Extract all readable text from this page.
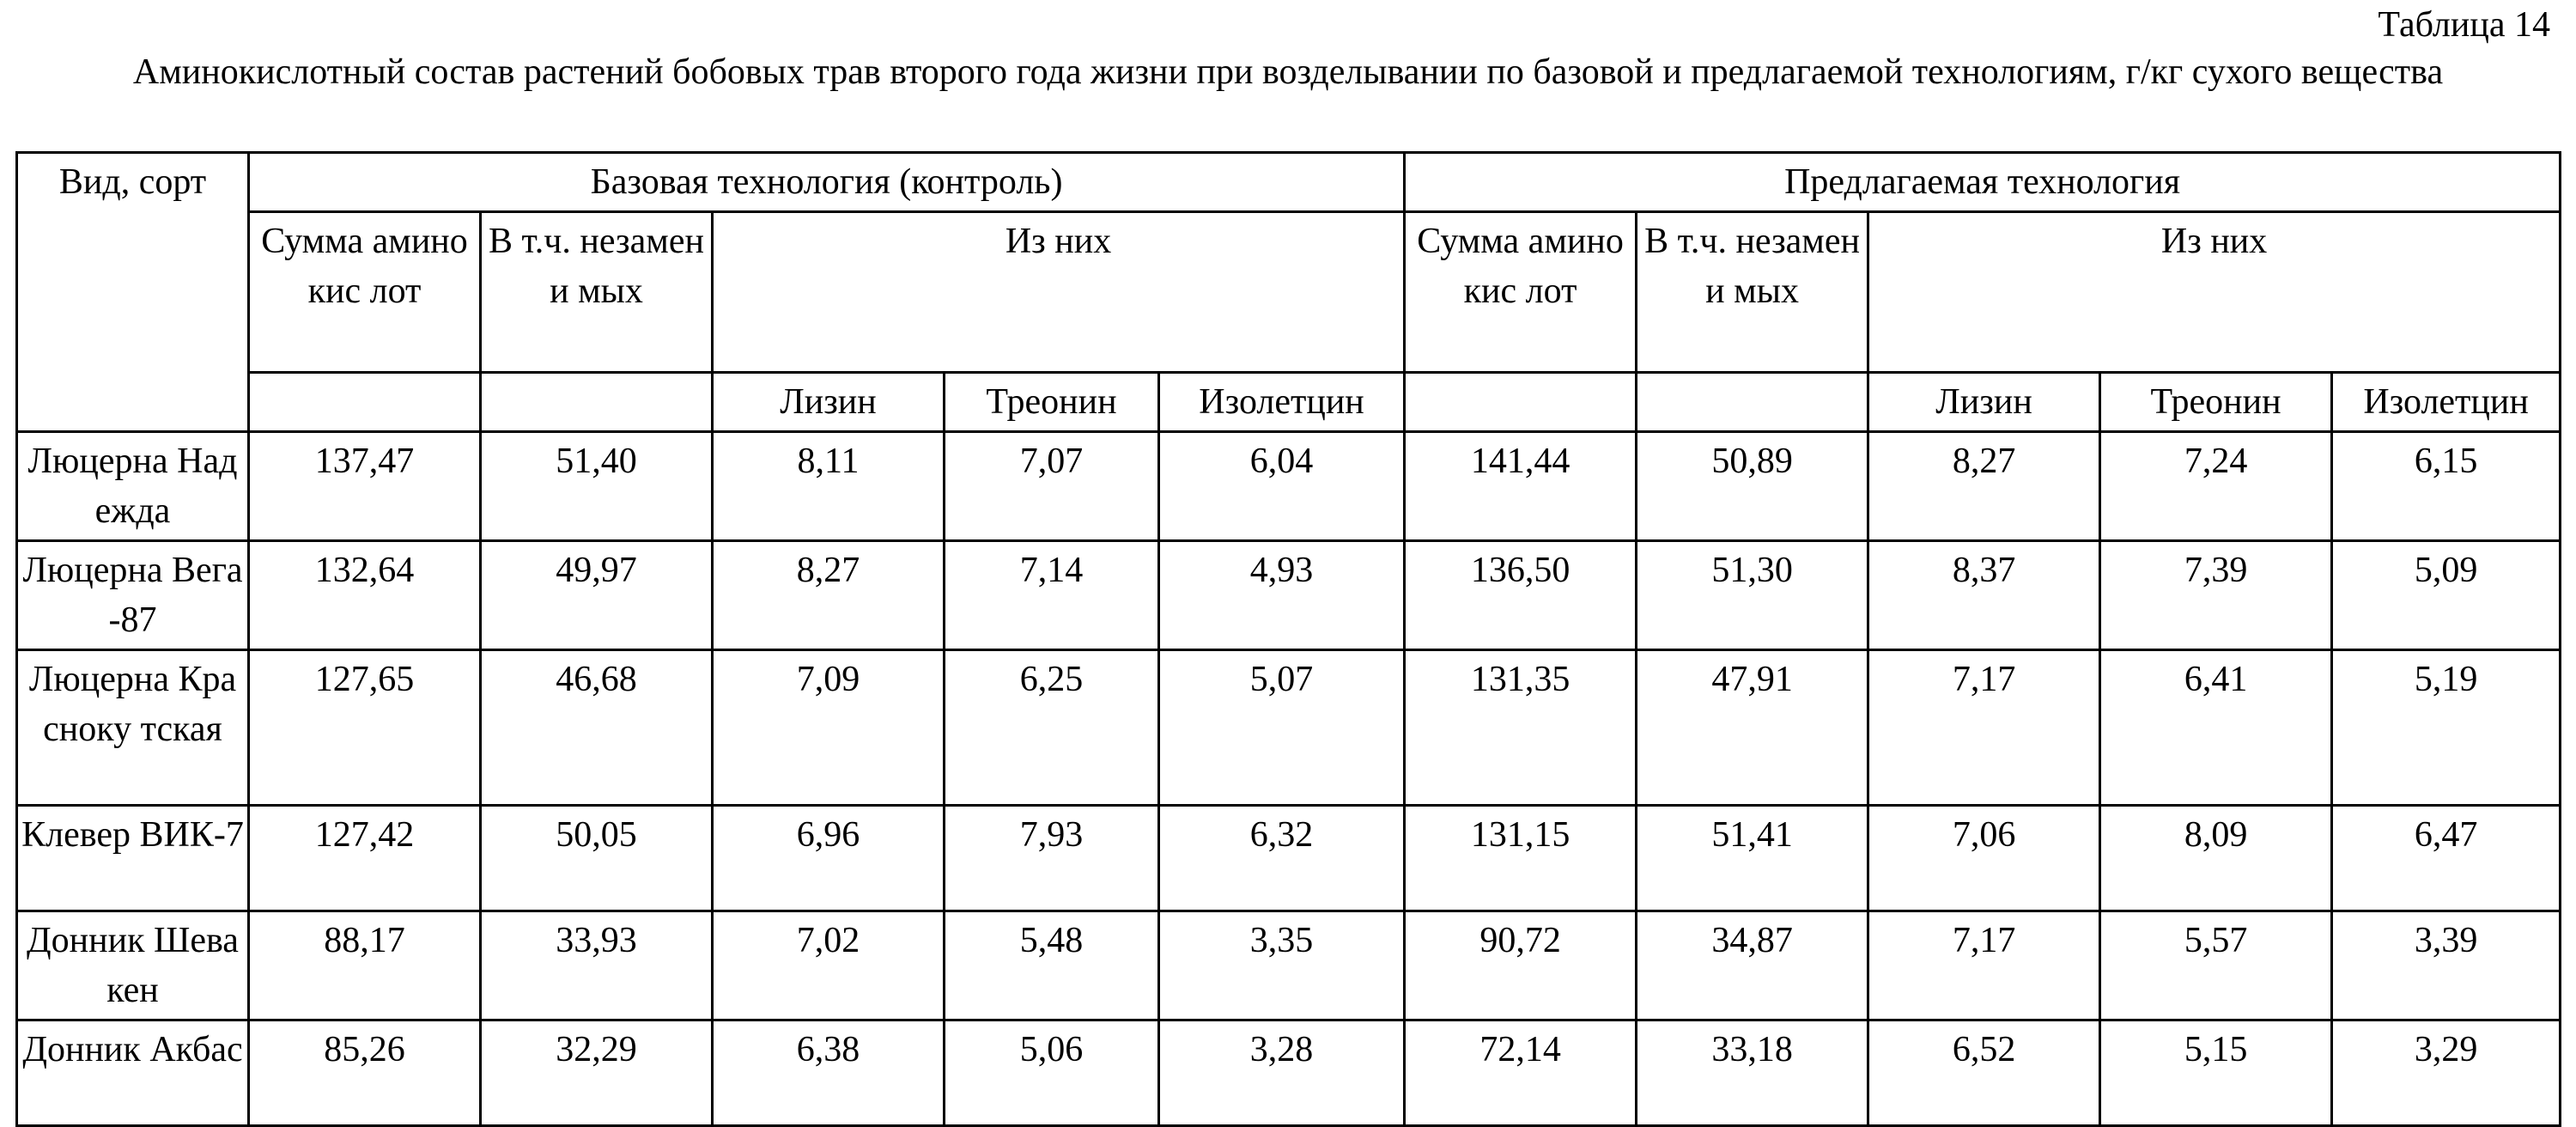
Таблица 14
Аминокислотный состав растений бобовых трав второго года жизни при возделывании по базовой и предлагаемой технологиям, г/кг сухого вещества
Вид, сорт	Базовая технология (контроль)					Предлагаемая технология				
	Сумма аминокис лот	В т.ч. незамени мых	Из них			Сумма аминокис лот	В т.ч. незамени мых	Из них		
			Лизин	Треонин	Изолетцин			Лизин	Треонин	Изолетцин
Люцерна Надежда	137,47	51,40	8,11	7,07	6,04	141,44	50,89	8,27	7,24	6,15
Люцерна Вега-87	132,64	49,97	8,27	7,14	4,93	136,50	51,30	8,37	7,39	5,09
Люцерна Красноку тская	127,65	46,68	7,09	6,25	5,07	131,35	47,91	7,17	6,41	5,19
Клевер ВИК-7	127,42	50,05	6,96	7,93	6,32	131,15	51,41	7,06	8,09	6,47
Донник Шевакен	88,17	33,93	7,02	5,48	3,35	90,72	34,87	7,17	5,57	3,39
Донник Акбас	85,26	32,29	6,38	5,06	3,28	72,14	33,18	6,52	5,15	3,29
